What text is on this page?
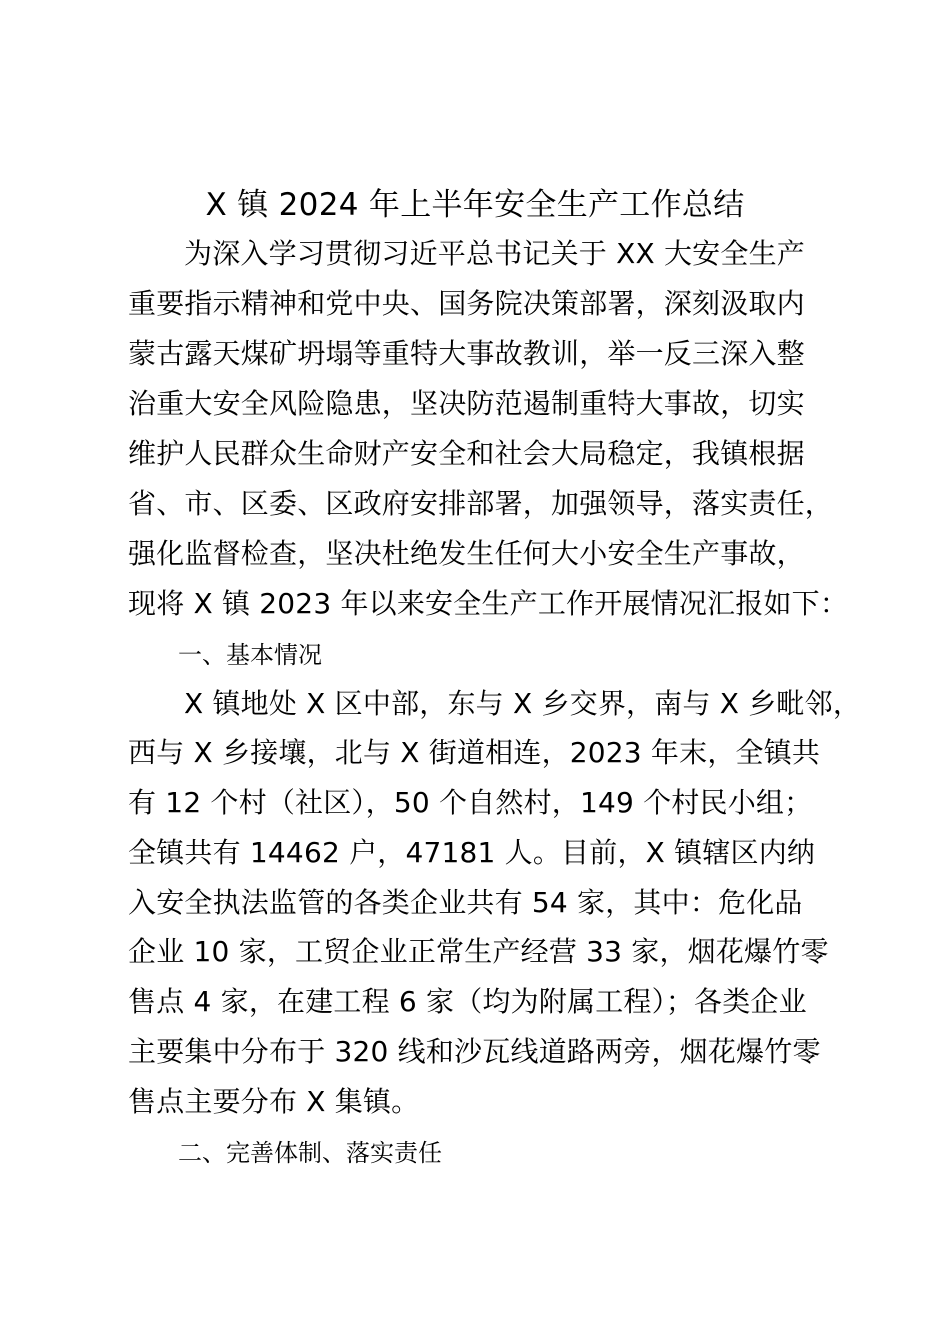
X 镇 2024 年上半年安全生产工作总结
为深入学习贯彻习近平总书记关于 XX 大安全生产
重要指示精神和党中央、国务院决策部署，深刻汲取内
蒙古露天煤矿坍塌等重特大事故教训，举一反三深入整
治重大安全风险隐患，坚决防范遏制重特大事故，切实
维护人民群众生命财产安全和社会大局稳定，我镇根据
省、市、区委、区政府安排部署，加强领导，落实责任，
强化监督检查，坚决杜绝发生任何大小安全生产事故，
现将 X 镇 2023 年以来安全生产工作开展情况汇报如下：
一、基本情况
X 镇地处 X 区中部，东与 X 乡交界，南与 X 乡毗邻，
西与 X 乡接壤，北与 X 街道相连，2023 年末，全镇共
有 12 个村（社区），50 个自然村，149 个村民小组；
全镇共有 14462 户，47181 人。目前，X 镇辖区内纳
入安全执法监管的各类企业共有 54 家，其中：危化品
企业 10 家，工贸企业正常生产经营 33 家，烟花爆竹零
售点 4 家，在建工程 6 家（均为附属工程）；各类企业
主要集中分布于 320 线和沙瓦线道路两旁，烟花爆竹零
售点主要分布 X 集镇。
二、完善体制、落实责任
